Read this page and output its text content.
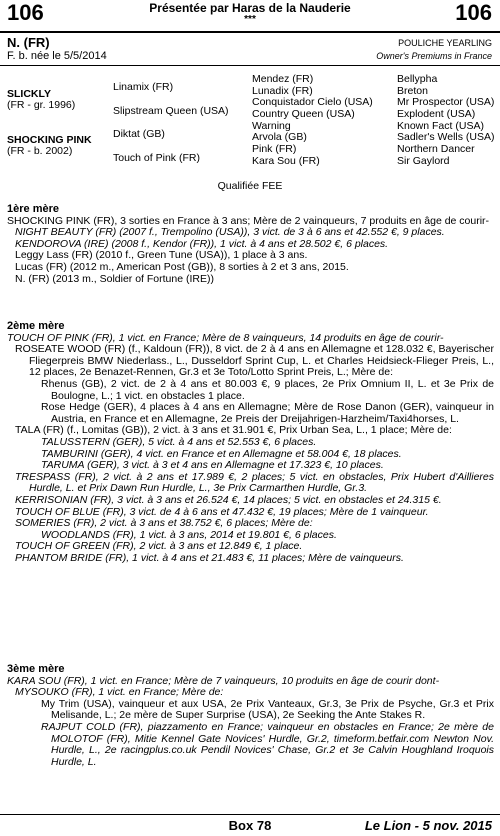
106	106
Présentée par Haras de la Nauderie
***
N. (FR)
F. b. née le 5/5/2014
POULICHE YEARLING
Owner's Premiums in France
SLICKLY
(FR - gr. 1996)
SHOCKING PINK
(FR - b. 2002)
Linamix (FR)
Slipstream Queen (USA)
Diktat (GB)
Touch of Pink (FR)
Mendez (FR)
Lunadix (FR)
Conquistador Cielo (USA)
Country Queen (USA)
Warning
Arvola (GB)
Pink (FR)
Kara Sou (FR)
Bellypha
Breton
Mr Prospector (USA)
Explodent (USA)
Known Fact (USA)
Sadler's Wells (USA)
Northern Dancer
Sir Gaylord
Qualifiée FEE

1ère mère

SHOCKING PINK (FR), 3 sorties en France à 3 ans; Mère de 2 vainqueurs, 7 produits en âge de courir-

NIGHT BEAUTY (FR) (2007 f., Trempolino (USA)), 3 vict. de 3 à 6 ans et 42.552 €, 9 places.

KENDOROVA (IRE) (2008 f., Kendor (FR)), 1 vict. à 4 ans et 28.502 €, 6 places.

Leggy Lass (FR) (2010 f., Green Tune (USA)), 1 place à 3 ans.

Lucas (FR) (2012 m., American Post (GB)), 8 sorties à 2 et 3 ans, 2015.

N. (FR) (2013 m., Soldier of Fortune (IRE))

2ème mère

TOUCH OF PINK (FR), 1 vict. en France; Mère de 8 vainqueurs, 14 produits en âge de courir-

ROSEATE WOOD (FR) (f., Kaldoun (FR)), 8 vict. de 2 à 4 ans en Allemagne et 128.032 €, Bayerischer Fliegerpreis BMW Niederlass., L., Dusseldorf Sprint Cup, L. et Charles Heidsieck-Flieger Preis, L., 12 places, 2e Benazet-Rennen, Gr.3 et 3e Toto/Lotto Sprint Preis, L.; Mère de:

Rhenus (GB), 2 vict. de 2 à 4 ans et 80.003 €, 9 places, 2e Prix Omnium II, L. et 3e Prix de Boulogne, L.; 1 vict. en obstacles 1 place.

Rose Hedge (GER), 4 places à 4 ans en Allemagne; Mère de Rose Danon (GER), vainqueur in Austria, en France et en Allemagne, 2e Preis der Dreijahrigen-Harzheim/Taxi4horses, L.

TALA (FR) (f., Lomitas (GB)), 2 vict. à 3 ans et 31.901 €, Prix Urban Sea, L., 1 place; Mère de:

TALUSSTERN (GER), 5 vict. à 4 ans et 52.553 €, 6 places.

TAMBURINI (GER), 4 vict. en France et en Allemagne et 58.004 €, 18 places.

TARUMA (GER), 3 vict. à 3 et 4 ans en Allemagne et 17.323 €, 10 places.

TRESPASS (FR), 2 vict. à 2 ans et 17.989 €, 2 places; 5 vict. en obstacles, Prix Hubert d'Aillieres Hurdle, L. et Prix Dawn Run Hurdle, L., 3e Prix Carmarthen Hurdle, Gr.3.

KERRISONIAN (FR), 3 vict. à 3 ans et 26.524 €, 14 places; 5 vict. en obstacles et 24.315 €.

TOUCH OF BLUE (FR), 3 vict. de 4 à 6 ans et 47.432 €, 19 places; Mère de 1 vainqueur.

SOMERIES (FR), 2 vict. à 3 ans et 38.752 €, 6 places; Mère de:

WOODLANDS (FR), 1 vict. à 3 ans, 2014 et 19.801 €, 6 places.

TOUCH OF GREEN (FR), 2 vict. à 3 ans et 12.849 €, 1 place.

PHANTOM BRIDE (FR), 1 vict. à 4 ans et 21.483 €, 11 places; Mère de vainqueurs.

3ème mère

KARA SOU (FR), 1 vict. en France; Mère de 7 vainqueurs, 10 produits en âge de courir dont-

MYSOUKO (FR), 1 vict. en France; Mère de:

My Trim (USA), vainqueur et aux USA, 2e Prix Vanteaux, Gr.3, 3e Prix de Psyche, Gr.3 et Prix Melisande, L.; 2e mère de Super Surprise (USA), 2e Seeking the Ante Stakes R.

RAJPUT COLD (FR), piazzamento en France; vainqueur en obstacles en France; 2e mère de MOLOTOF (FR), Mitie Kennel Gate Novices' Hurdle, Gr.2, timeform.betfair.com Newton Nov. Hurdle, L., 2e racingplus.co.uk Pendil Novices' Chase, Gr.2 et 3e Calvin Houghland Iroquois Hurdle, L.

Box 78	Le Lion - 5 nov. 2015
